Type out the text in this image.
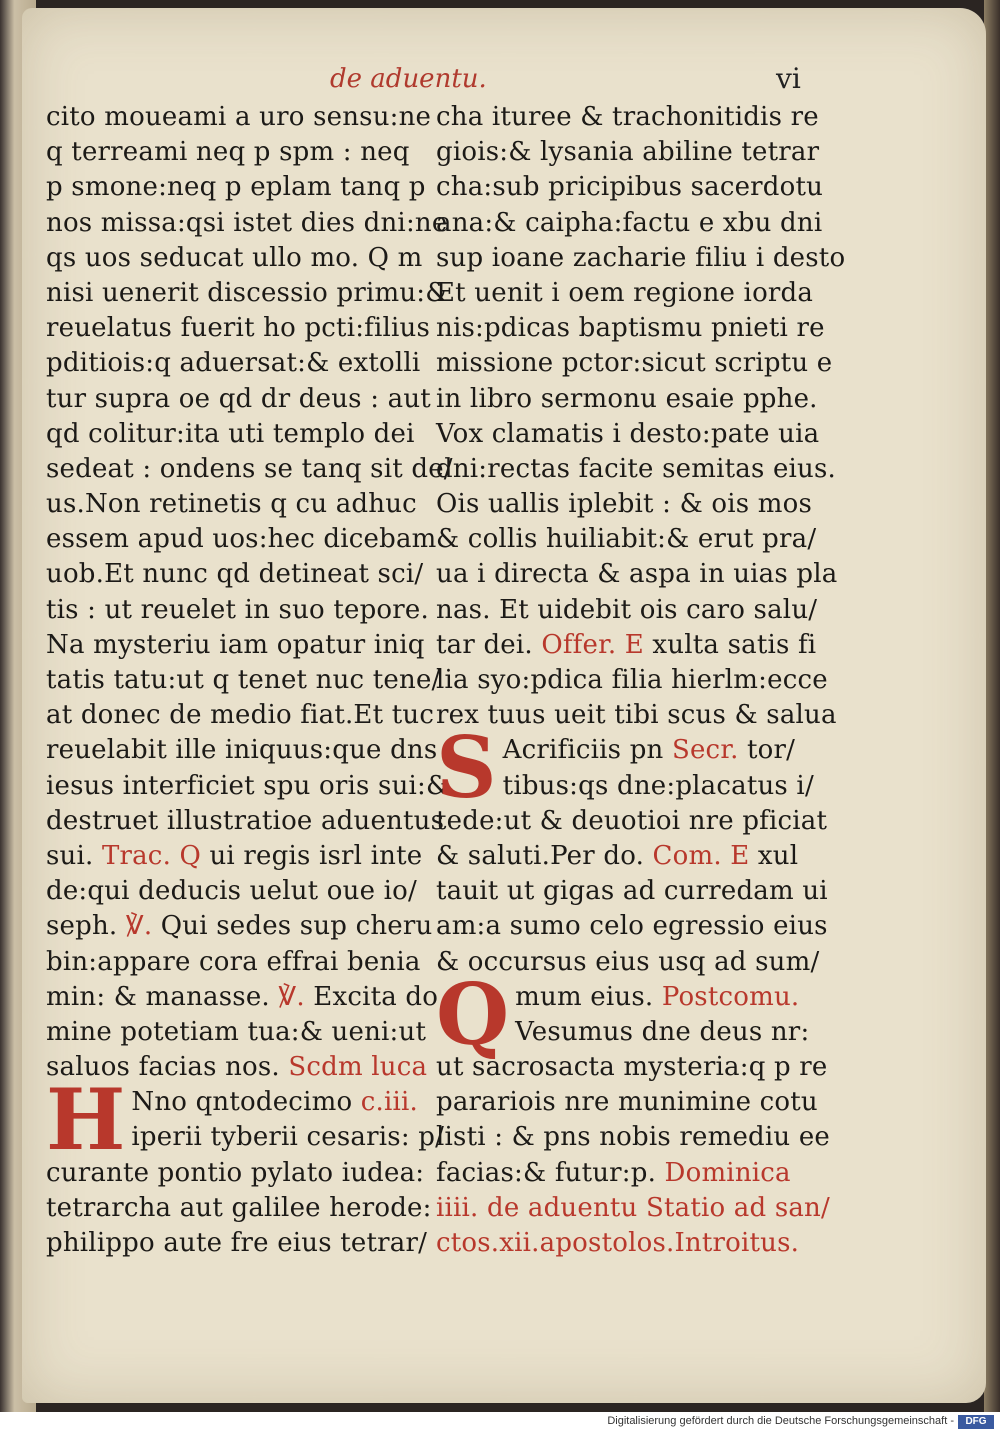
de aduentu.	vi
cito moueami a uro sensu:ne
q terreami neq p spm : neq
p smone:neq p eplam tanq p
nos missa:qsi istet dies dni:ne
qs uos seducat ullo mo. Q m
nisi uenerit discessio primu:&
reuelatus fuerit ho pcti:filius
pditiois:q aduersat:& extolli
tur supra oe qd dr deus : aut
qd colitur:ita uti templo dei
sedeat : ondens se tanq sit de/
us.Non retinetis q cu adhuc
essem apud uos:hec dicebam
uob.Et nunc qd detineat sci/
tis : ut reuelet in suo tepore.
Na mysteriu iam opatur iniq
tatis tatu:ut q tenet nuc tene/
at donec de medio fiat.Et tuc
reuelabit ille iniquus:que dns
iesus interficiet spu oris sui:&
destruet illustratioe aduentus
sui. Trac. Q ui regis isrl inte
de:qui deducis uelut oue io/
seph. ℣. Qui sedes sup cheru
bin:appare cora effrai benia
min: & manasse. ℣. Excita do
mine potetiam tua:& ueni:ut
saluos facias nos. Scdm luca
H Nno qntodecimo c.iii.
iperii tyberii cesaris: p/
curante pontio pylato iudea:
tetrarcha aut galilee herode:
philippo aute fre eius tetrar/
cha ituree & trachonitidis re
giois:& lysania abiline tetrar
cha:sub pricipibus sacerdotu
ana:& caipha:factu e xbu dni
sup ioane zacharie filiu i desto
Et uenit i oem regione iorda
nis:pdicas baptismu pnieti re
missione pctor:sicut scriptu e
in libro sermonu esaie pphe.
Vox clamatis i desto:pate uia
dni:rectas facite semitas eius.
Ois uallis iplebit : & ois mos
& collis huiliabit:& erut pra/
ua i directa & aspa in uias pla
nas. Et uidebit ois caro salu/
tar dei. Offer. E xulta satis fi
lia syo:pdica filia hierlm:ecce
rex tuus ueit tibi scus & salua
S Acrificiis pn Secr. tor/
tibus:qs dne:placatus i/
tede:ut & deuotioi nre pficiat
& saluti.Per do. Com. E xul
tauit ut gigas ad curredam ui
am:a sumo celo egressio eius
& occursus eius usq ad sum/
Q mum eius. Postcomu.
Vesumus dne deus nr:
ut sacrosacta mysteria:q p re
parariois nre munimine cotu
listi : & pns nobis remediu ee
facias:& futur:p. Dominica
iiii. de aduentu Statio ad san/
ctos.xii.apostolos.Introitus.
Digitalisierung gefördert durch die Deutsche Forschungsgemeinschaft -	DFG
